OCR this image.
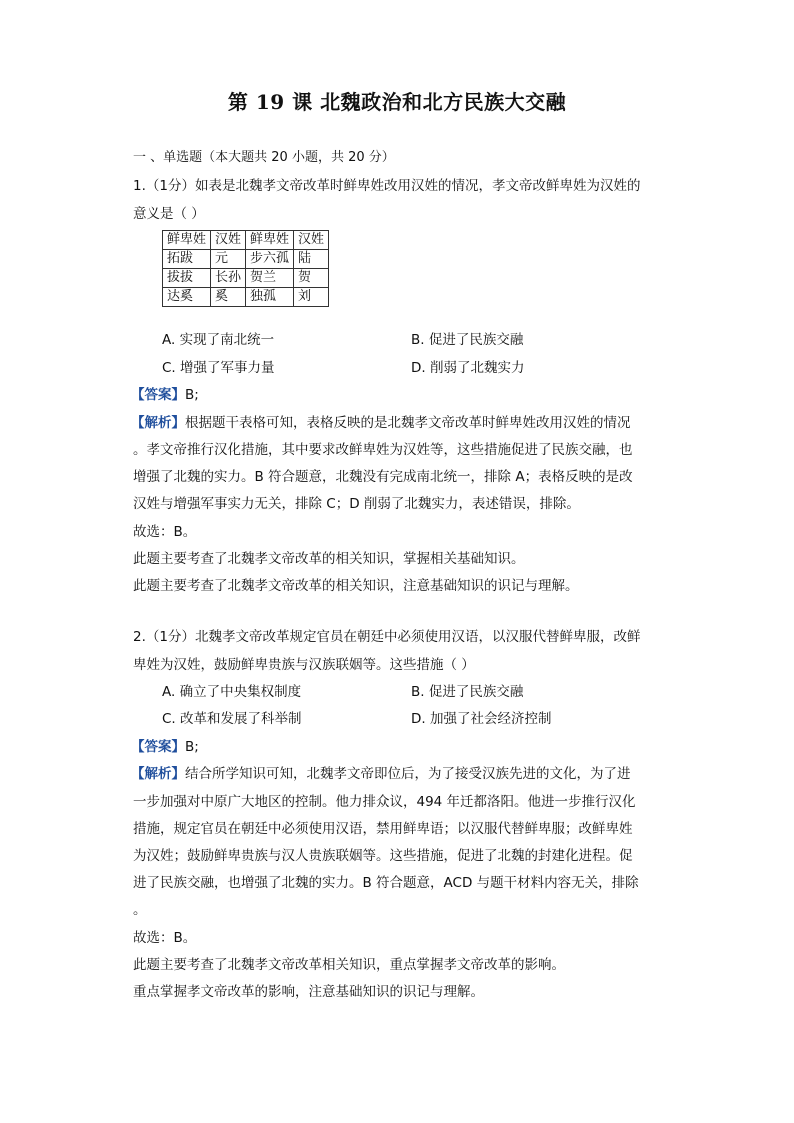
第 19 课 北魏政治和北方民族大交融
一 、单选题（本大题共 20 小题，共 20 分）
1.（1分）如表是北魏孝文帝改革时鲜卑姓改用汉姓的情况，孝文帝改鲜卑姓为汉姓的
意义是（ ）
鲜卑姓	汉姓	鲜卑姓	汉姓
拓跋	元	步六孤	陆
拔拔	长孙	贺兰	贺
达奚	奚	独孤	刘
A. 实现了南北统一	B. 促进了民族交融
C. 增强了军事力量	D. 削弱了北魏实力
【答案】B;
【解析】根据题干表格可知，表格反映的是北魏孝文帝改革时鲜卑姓改用汉姓的情况
。孝文帝推行汉化措施，其中要求改鲜卑姓为汉姓等，这些措施促进了民族交融，也
增强了北魏的实力。B 符合题意，北魏没有完成南北统一，排除 A；表格反映的是改
汉姓与增强军事实力无关，排除 C；D 削弱了北魏实力，表述错误，排除。
故选：B。
此题主要考查了北魏孝文帝改革的相关知识，掌握相关基础知识。
此题主要考查了北魏孝文帝改革的相关知识，注意基础知识的识记与理解。
2.（1分）北魏孝文帝改革规定官员在朝廷中必须使用汉语，以汉服代替鲜卑服，改鲜
卑姓为汉姓，鼓励鲜卑贵族与汉族联姻等。这些措施（ ）
A. 确立了中央集权制度	B. 促进了民族交融
C. 改革和发展了科举制	D. 加强了社会经济控制
【答案】B;
【解析】结合所学知识可知，北魏孝文帝即位后，为了接受汉族先进的文化，为了进
一步加强对中原广大地区的控制。他力排众议，494 年迁都洛阳。他进一步推行汉化
措施，规定官员在朝廷中必须使用汉语，禁用鲜卑语；以汉服代替鲜卑服；改鲜卑姓
为汉姓；鼓励鲜卑贵族与汉人贵族联姻等。这些措施，促进了北魏的封建化进程。促
进了民族交融，也增强了北魏的实力。B 符合题意，ACD 与题干材料内容无关，排除
。
故选：B。
此题主要考查了北魏孝文帝改革相关知识，重点掌握孝文帝改革的影响。
重点掌握孝文帝改革的影响，注意基础知识的识记与理解。
